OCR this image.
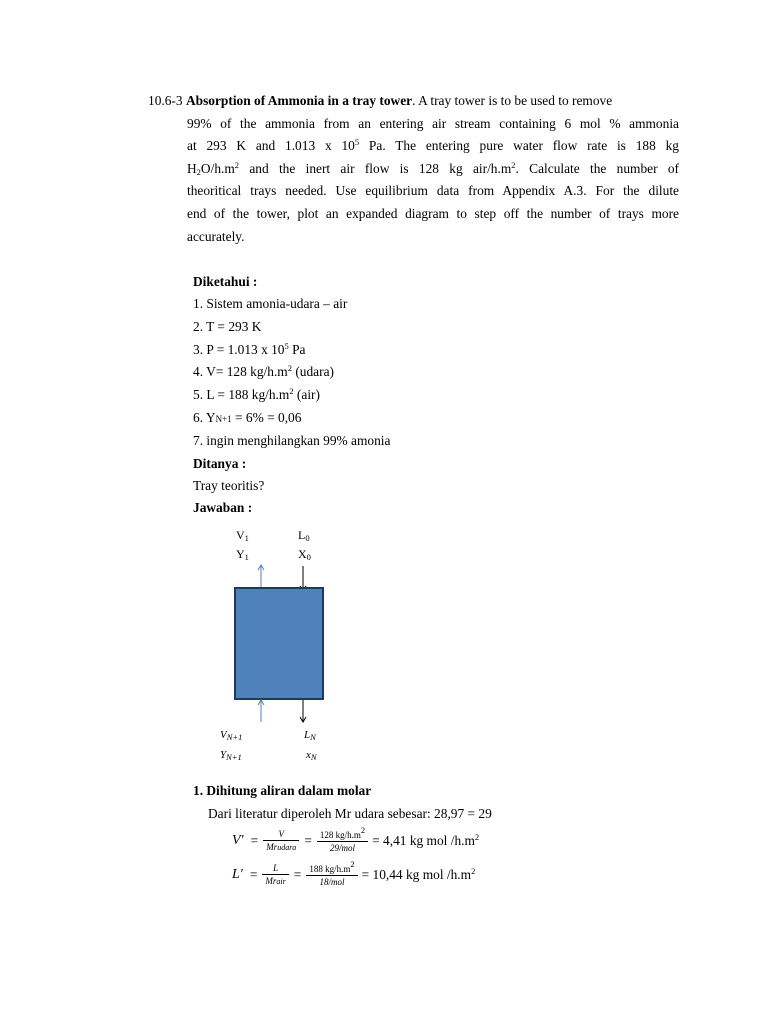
10.6-3 Absorption of Ammonia in a tray tower. A tray tower is to be used to remove
99% of the ammonia from an entering air stream containing 6 mol % ammonia
at 293 K and 1.013 x $10^5$ Pa. The entering pure water flow rate is 188 kg
$H_2O/h.m^2$ and the inert air flow is 128 kg air/$h.m^2$. Calculate the number of
theoritical trays needed. Use equilibrium data from Appendix A.3. For the dilute
end of the tower, plot an expanded diagram to step off the number of trays more
accurately.
Diketahui :
1. Sistem amonia-udara – air
2. T = 293 K
3. P = 1.013 x $10^5$ Pa
4. V= 128 $kg/h.m^2$ (udara)
5. L = 188 $kg/h.m^2$ (air)
6. YN+1 = 6% = 0,06
7. ingin menghilangkan 99% amonia
Ditanya :
Tray teoritis?
Jawaban :
$V_1$
$Y_1$
$L_0$
$X_0$
$V_{N+1}$
$Y_{N+1}$
$L_N$
$x_N$
1. Dihitung aliran dalam molar
Dari literatur diperoleh Mr udara sebesar: 28,97 = 29
$V' = \frac{V}{\text{Mrudara}} = \frac{128 kg/h.m^2}{\text{29/mol}} = 4,41$ kg mol $/h.m^2$
$L' = \frac{L}{\text{Mrair}} = \frac{188 kg/h.m^2}{\text{18/mol}} = 10,44$ kg mol $/h.m^2$
